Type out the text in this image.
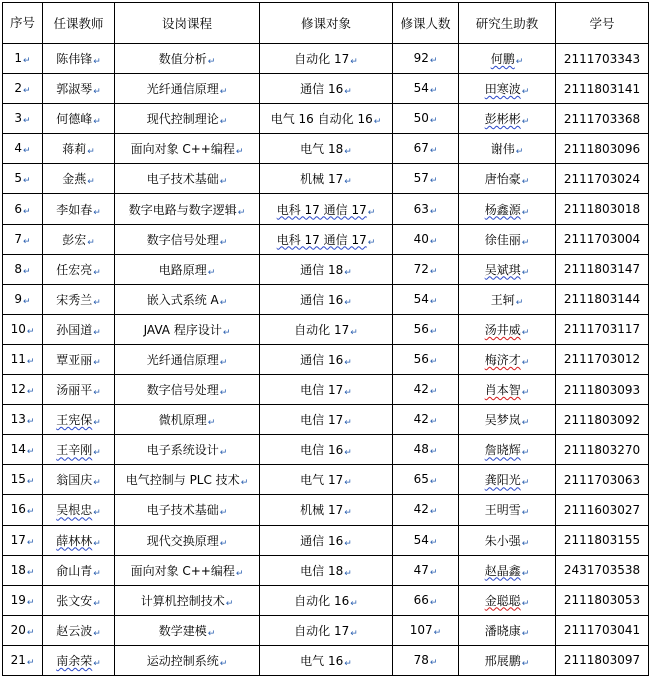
序号	任课教师	设岗课程	修课对象	修课人数	研究生助教	学号
1↵	陈伟锋↵	数值分析↵	自动化 17↵	92↵	何鹏↵	2111703343
2↵	郭淑琴↵	光纤通信原理↵	通信 16↵	54↵	田寒波↵	2111803141
3↵	何德峰↵	现代控制理论↵	电气 16 自动化 16↵	50↵	彭彬彬↵	2111703368
4↵	蒋莉↵	面向对象 C++编程↵	电气 18↵	67↵	谢伟↵	2111803096
5↵	金燕↵	电子技术基础↵	机械 17↵	57↵	唐怡豪↵	2111703024
6↵	李如春↵	数字电路与数字逻辑↵	电科 17 通信 17↵	63↵	杨鑫源↵	2111803018
7↵	彭宏↵	数字信号处理↵	电科 17 通信 17↵	40↵	徐佳丽↵	2111703004
8↵	任宏亮↵	电路原理↵	通信 18↵	72↵	吴斌琪↵	2111803147
9↵	宋秀兰↵	嵌入式系统 A↵	通信 16↵	54↵	王轲↵	2111803144
10↵	孙国道↵	JAVA 程序设计↵	自动化 17↵	56↵	汤井威↵	2111703117
11↵	覃亚丽↵	光纤通信原理↵	通信 16↵	56↵	梅济才↵	2111703012
12↵	汤丽平↵	数字信号处理↵	电信 17↵	42↵	肖本智↵	2111803093
13↵	王宪保↵	微机原理↵	电信 17↵	42↵	吴梦岚↵	2111803092
14↵	王辛刚↵	电子系统设计↵	电信 16↵	48↵	詹晓辉↵	2111803270
15↵	翁国庆↵	电气控制与 PLC 技术↵	电气 17↵	65↵	龚阳光↵	2111703063
16↵	吴根忠↵	电子技术基础↵	机械 17↵	42↵	王明雪↵	2111603027
17↵	薛林林↵	现代交换原理↵	通信 16↵	54↵	朱小强↵	2111803155
18↵	俞山青↵	面向对象 C++编程↵	电信 18↵	47↵	赵晶鑫↵	2431703538
19↵	张文安↵	计算机控制技术↵	自动化 16↵	66↵	金聪聪↵	2111803053
20↵	赵云波↵	数学建模↵	自动化 17↵	107↵	潘晓康↵	2111703041
21↵	南余荣↵	运动控制系统↵	电气 16↵	78↵	邢展鹏↵	2111803097
